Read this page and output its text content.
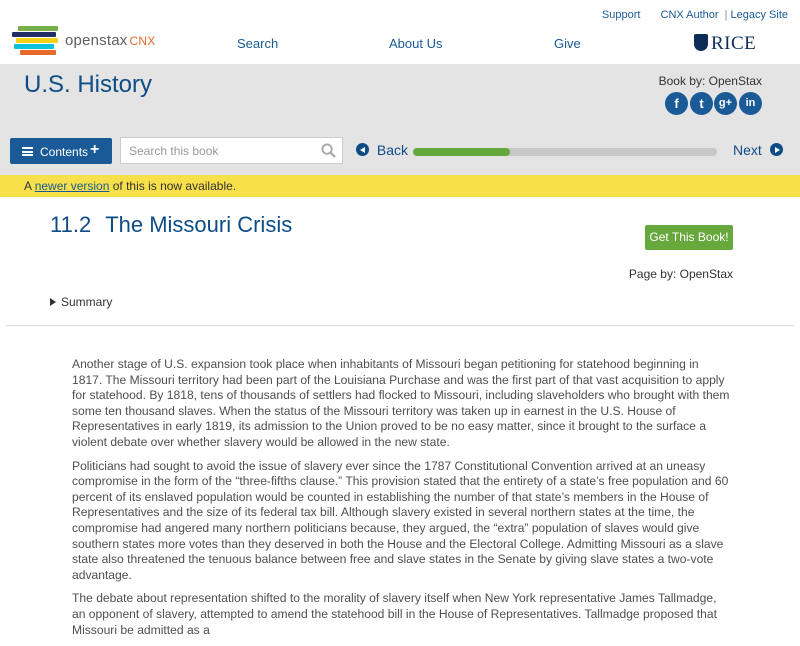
openstax CNX
Support CNX Author | Legacy Site
Search	About Us	Give	RICE
U.S. History	Book by: OpenStax
f	t	g+	in
Contents +
Search this book	Back	Next
A newer version of this is now available.
11.2 The Missouri Crisis	Get This Book!
Page by: OpenStax
Summary

Another stage of U.S. expansion took place when inhabitants of Missouri began petitioning for statehood beginning in 1817. The Missouri territory had been part of the Louisiana Purchase and was the first part of that vast acquisition to apply for statehood. By 1818, tens of thousands of settlers had flocked to Missouri, including slaveholders who brought with them some ten thousand slaves. When the status of the Missouri territory was taken up in earnest in the U.S. House of Representatives in early 1819, its admission to the Union proved to be no easy matter, since it brought to the surface a violent debate over whether slavery would be allowed in the new state.

Politicians had sought to avoid the issue of slavery ever since the 1787 Constitutional Convention arrived at an uneasy compromise in the form of the “three-fifths clause.” This provision stated that the entirety of a state’s free population and 60 percent of its enslaved population would be counted in establishing the number of that state’s members in the House of Representatives and the size of its federal tax bill. Although slavery existed in several northern states at the time, the compromise had angered many northern politicians because, they argued, the “extra” population of slaves would give southern states more votes than they deserved in both the House and the Electoral College. Admitting Missouri as a slave state also threatened the tenuous balance between free and slave states in the Senate by giving slave states a two-vote advantage.

The debate about representation shifted to the morality of slavery itself when New York representative James Tallmadge, an opponent of slavery, attempted to amend the statehood bill in the House of Representatives. Tallmadge proposed that Missouri be admitted as a
